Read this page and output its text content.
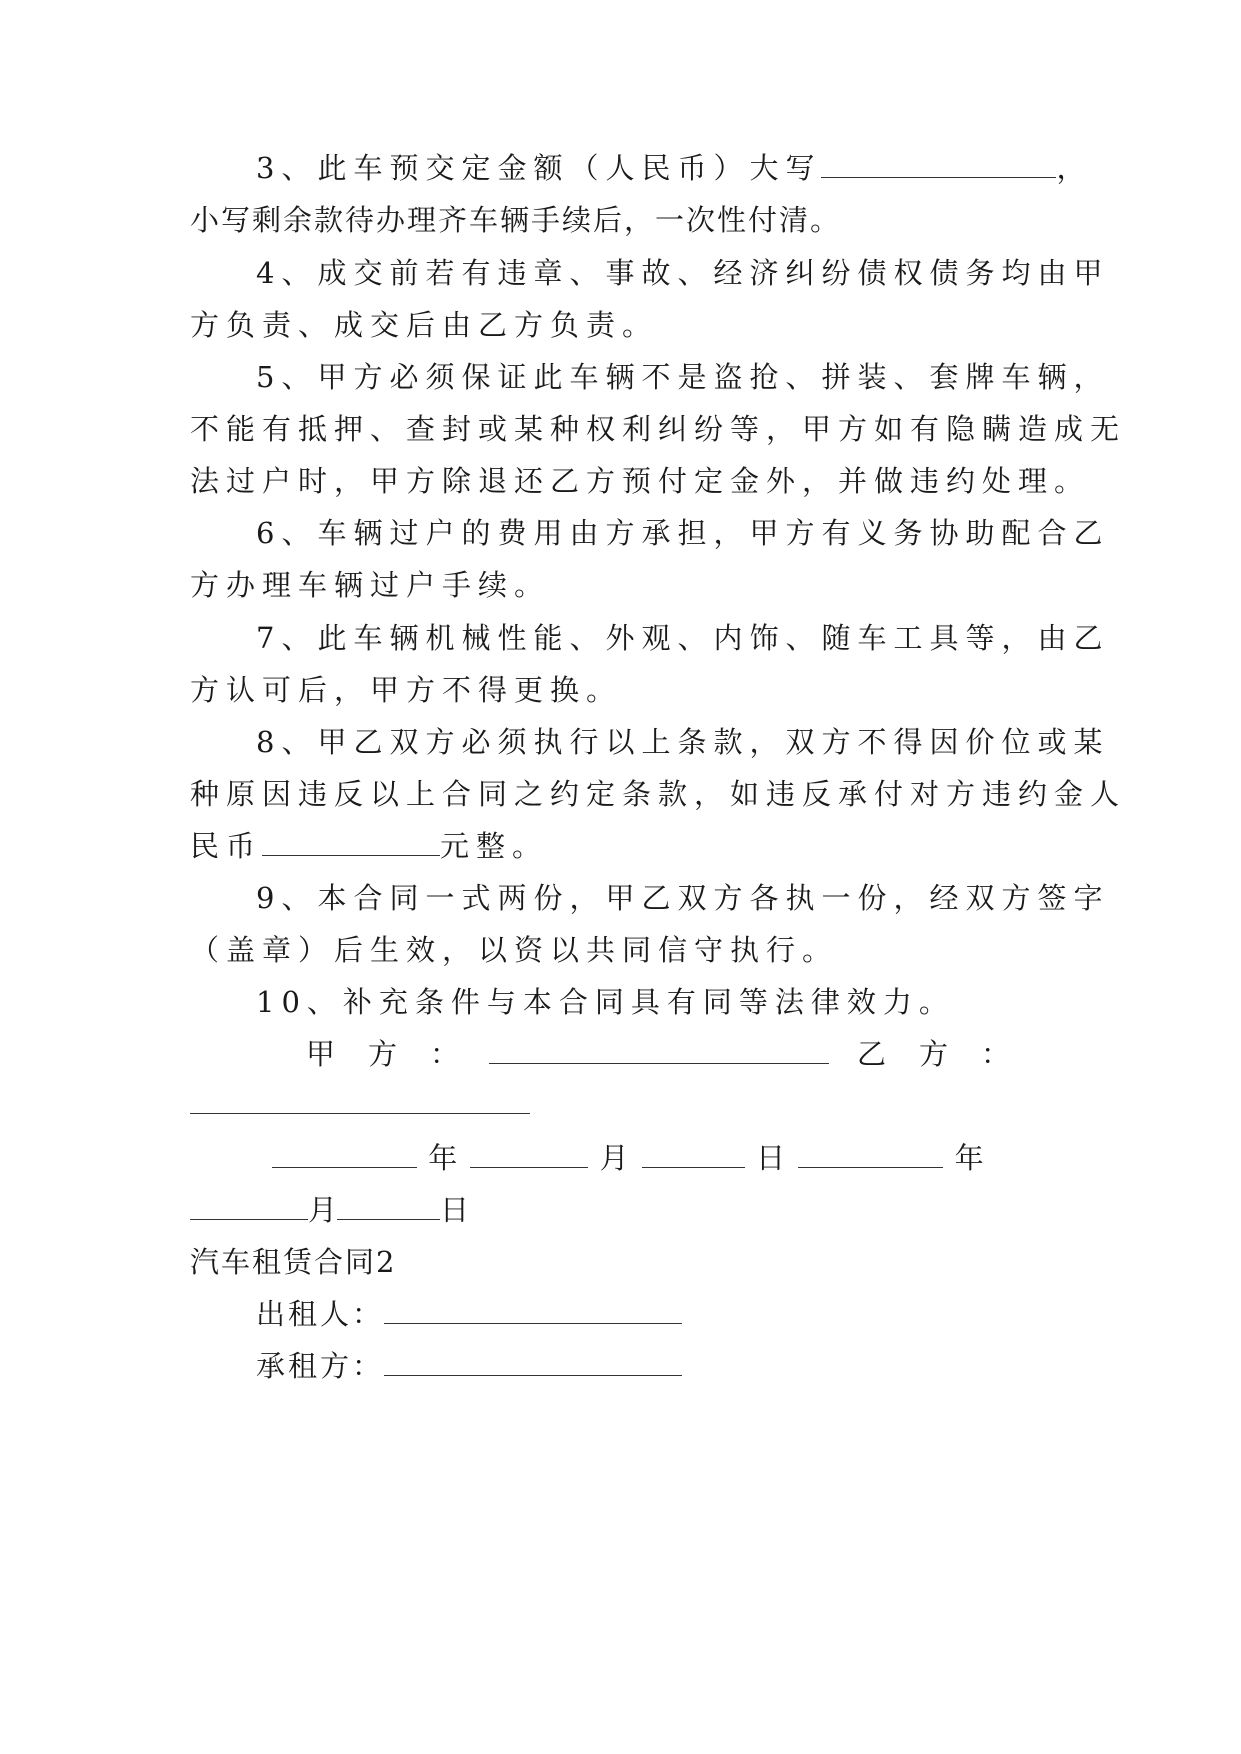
3、此车预交定金额（人民币）大写	，
小写剩余款待办理齐车辆手续后，一次性付清。
4、成交前若有违章、事故、经济纠纷债权债务均由甲
方负责、成交后由乙方负责。
5、甲方必须保证此车辆不是盗抢、拼装、套牌车辆，
不能有抵押、查封或某种权利纠纷等，甲方如有隐瞒造成无
法过户时，甲方除退还乙方预付定金外，并做违约处理。
6、车辆过户的费用由方承担，甲方有义务协助配合乙
方办理车辆过户手续。
7、此车辆机械性能、外观、内饰、随车工具等，由乙
方认可后，甲方不得更换。
8、甲乙双方必须执行以上条款，双方不得因价位或某
种原因违反以上合同之约定条款，如违反承付对方违约金人
民币	元整。
9、本合同一式两份，甲乙双方各执一份，经双方签字
（盖章）后生效，以资以共同信守执行。
10、补充条件与本合同具有同等法律效力。
甲　方　：	乙　方　：
年	月	日	年
月	日
汽车租赁合同2
出租人：
承租方：
